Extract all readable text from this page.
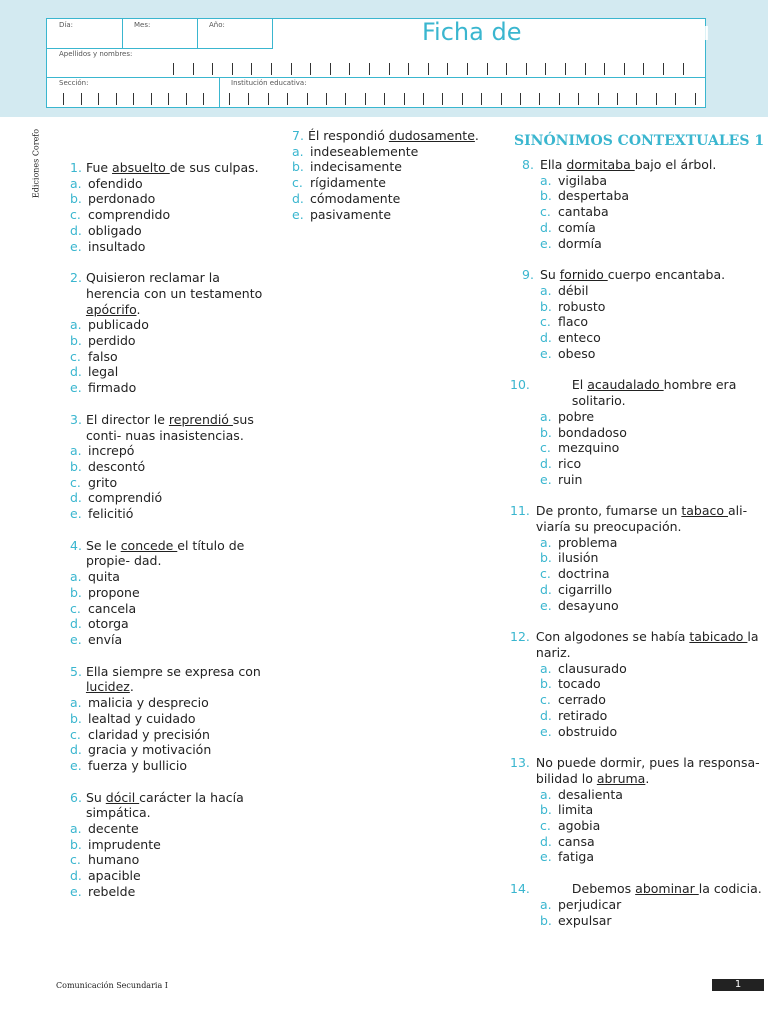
Día:	Mes:	Año:
Apellidos y nombres:
Sección:	Institución educativa:
Ficha de Razonamiento Verbal
Ediciones Corefo 1. Fue absuelto de sus culpas.
a. ofendido
b. perdonado
c. comprendido
d. obligado
e. insultado
2. Quisieron reclamar la herencia con un testamento apócrifo.
a. publicado
b. perdido
c. falso
d. legal
e. firmado
3. El director le reprendió sus conti- nuas inasistencias.
a. increpó
b. descontó
c. grito
d. comprendió
e. felicitió
4. Se le concede el título de propie- dad.
a. quita
b. propone
c. cancela
d. otorga
e. envía
5. Ella siempre se expresa con lucidez.
a. malicia y desprecio
b. lealtad y cuidado
c. claridad y precisión
d. gracia y motivación
e. fuerza y bullicio
6. Su dócil carácter la hacía simpática.
a. decente
b. imprudente
c. humano
d. apacible
e. rebelde
7. Él respondió dudosamente.
a. indeseablemente
b. indecisamente
c. rígidamente
d. cómodamente
e. pasivamente
SINÓNIMOS CONTEXTUALES 1
8. Ella dormitaba bajo el árbol.
a. vigilaba
b. despertaba
c. cantaba
d. comía
e. dormía
9. Su fornido cuerpo encantaba.
a. débil
b. robusto
c. flaco
d. enteco
e. obeso
10.	El acaudalado hombre era solitario.
a. pobre
b. bondadoso
c. mezquino
d. rico
e. ruin
11. De pronto, fumarse un tabaco ali- viaría su preocupación.
a. problema
b. ilusión
c. doctrina
d. cigarrillo
e. desayuno
12. Con algodones se había tabicado la nariz.
a. clausurado
b. tocado
c. cerrado
d. retirado
e. obstruido
13. No puede dormir, pues la responsa- bilidad lo abruma.
a. desalienta
b. limita
c. agobia
d. cansa
e. fatiga
14.	Debemos abominar la codicia.
a. perjudicar
b. expulsar
Comunicación Secundaria I	1
